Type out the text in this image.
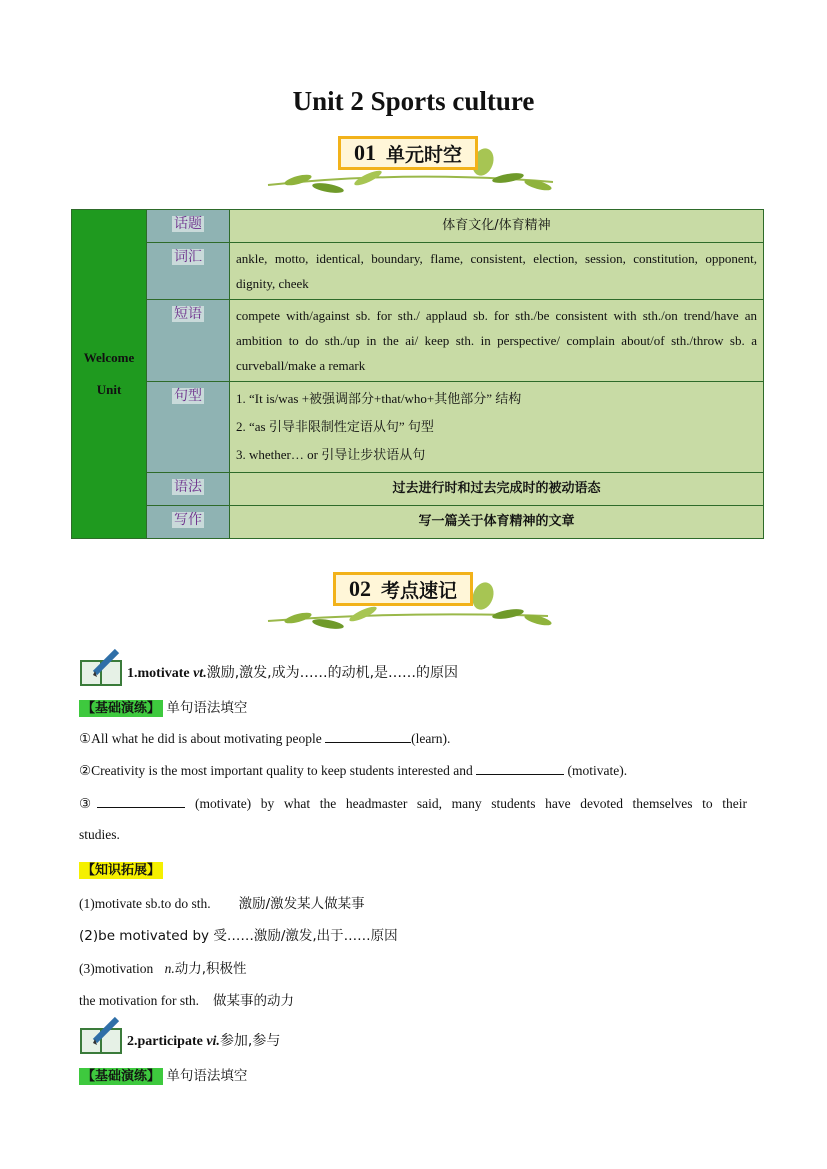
Unit 2 Sports culture
01 单元时空
Welcome
Unit	话题	体育文化/体育精神
	词汇	ankle, motto, identical, boundary, flame, consistent, election, session, constitution, opponent, dignity, cheek
	短语	compete with/against sb. for sth./ applaud sb. for sth./be consistent with sth./on trend/have an ambition to do sth./up in the ai/ keep sth. in perspective/ complain about/of sth./throw sb. a curveball/make a remark
	句型	1. “It is/was +被强调部分+that/who+其他部分” 结构
2. “as 引导非限制性定语从句” 句型
3. whether… or 引导让步状语从句

	语法	过去进行时和过去完成时的被动语态
	写作	写一篇关于体育精神的文章
02 考点速记
1.motivate vt.激励,激发,成为……的动机,是……的原因
【基础演练】 单句语法填空
①All what he did is about motivating people	(learn).
②Creativity is the most important quality to keep students interested and	(motivate).
③	(motivate) by what the headmaster said, many students have devoted themselves to their
studies.
【知识拓展】
(1)motivate sb.to do sth. 激励/激发某人做某事
(2)be motivated by 受……激励/激发,出于……原因
(3)motivation n.动力,积极性
the motivation for sth. 做某事的动力
2.participate vi.参加,参与
【基础演练】 单句语法填空
